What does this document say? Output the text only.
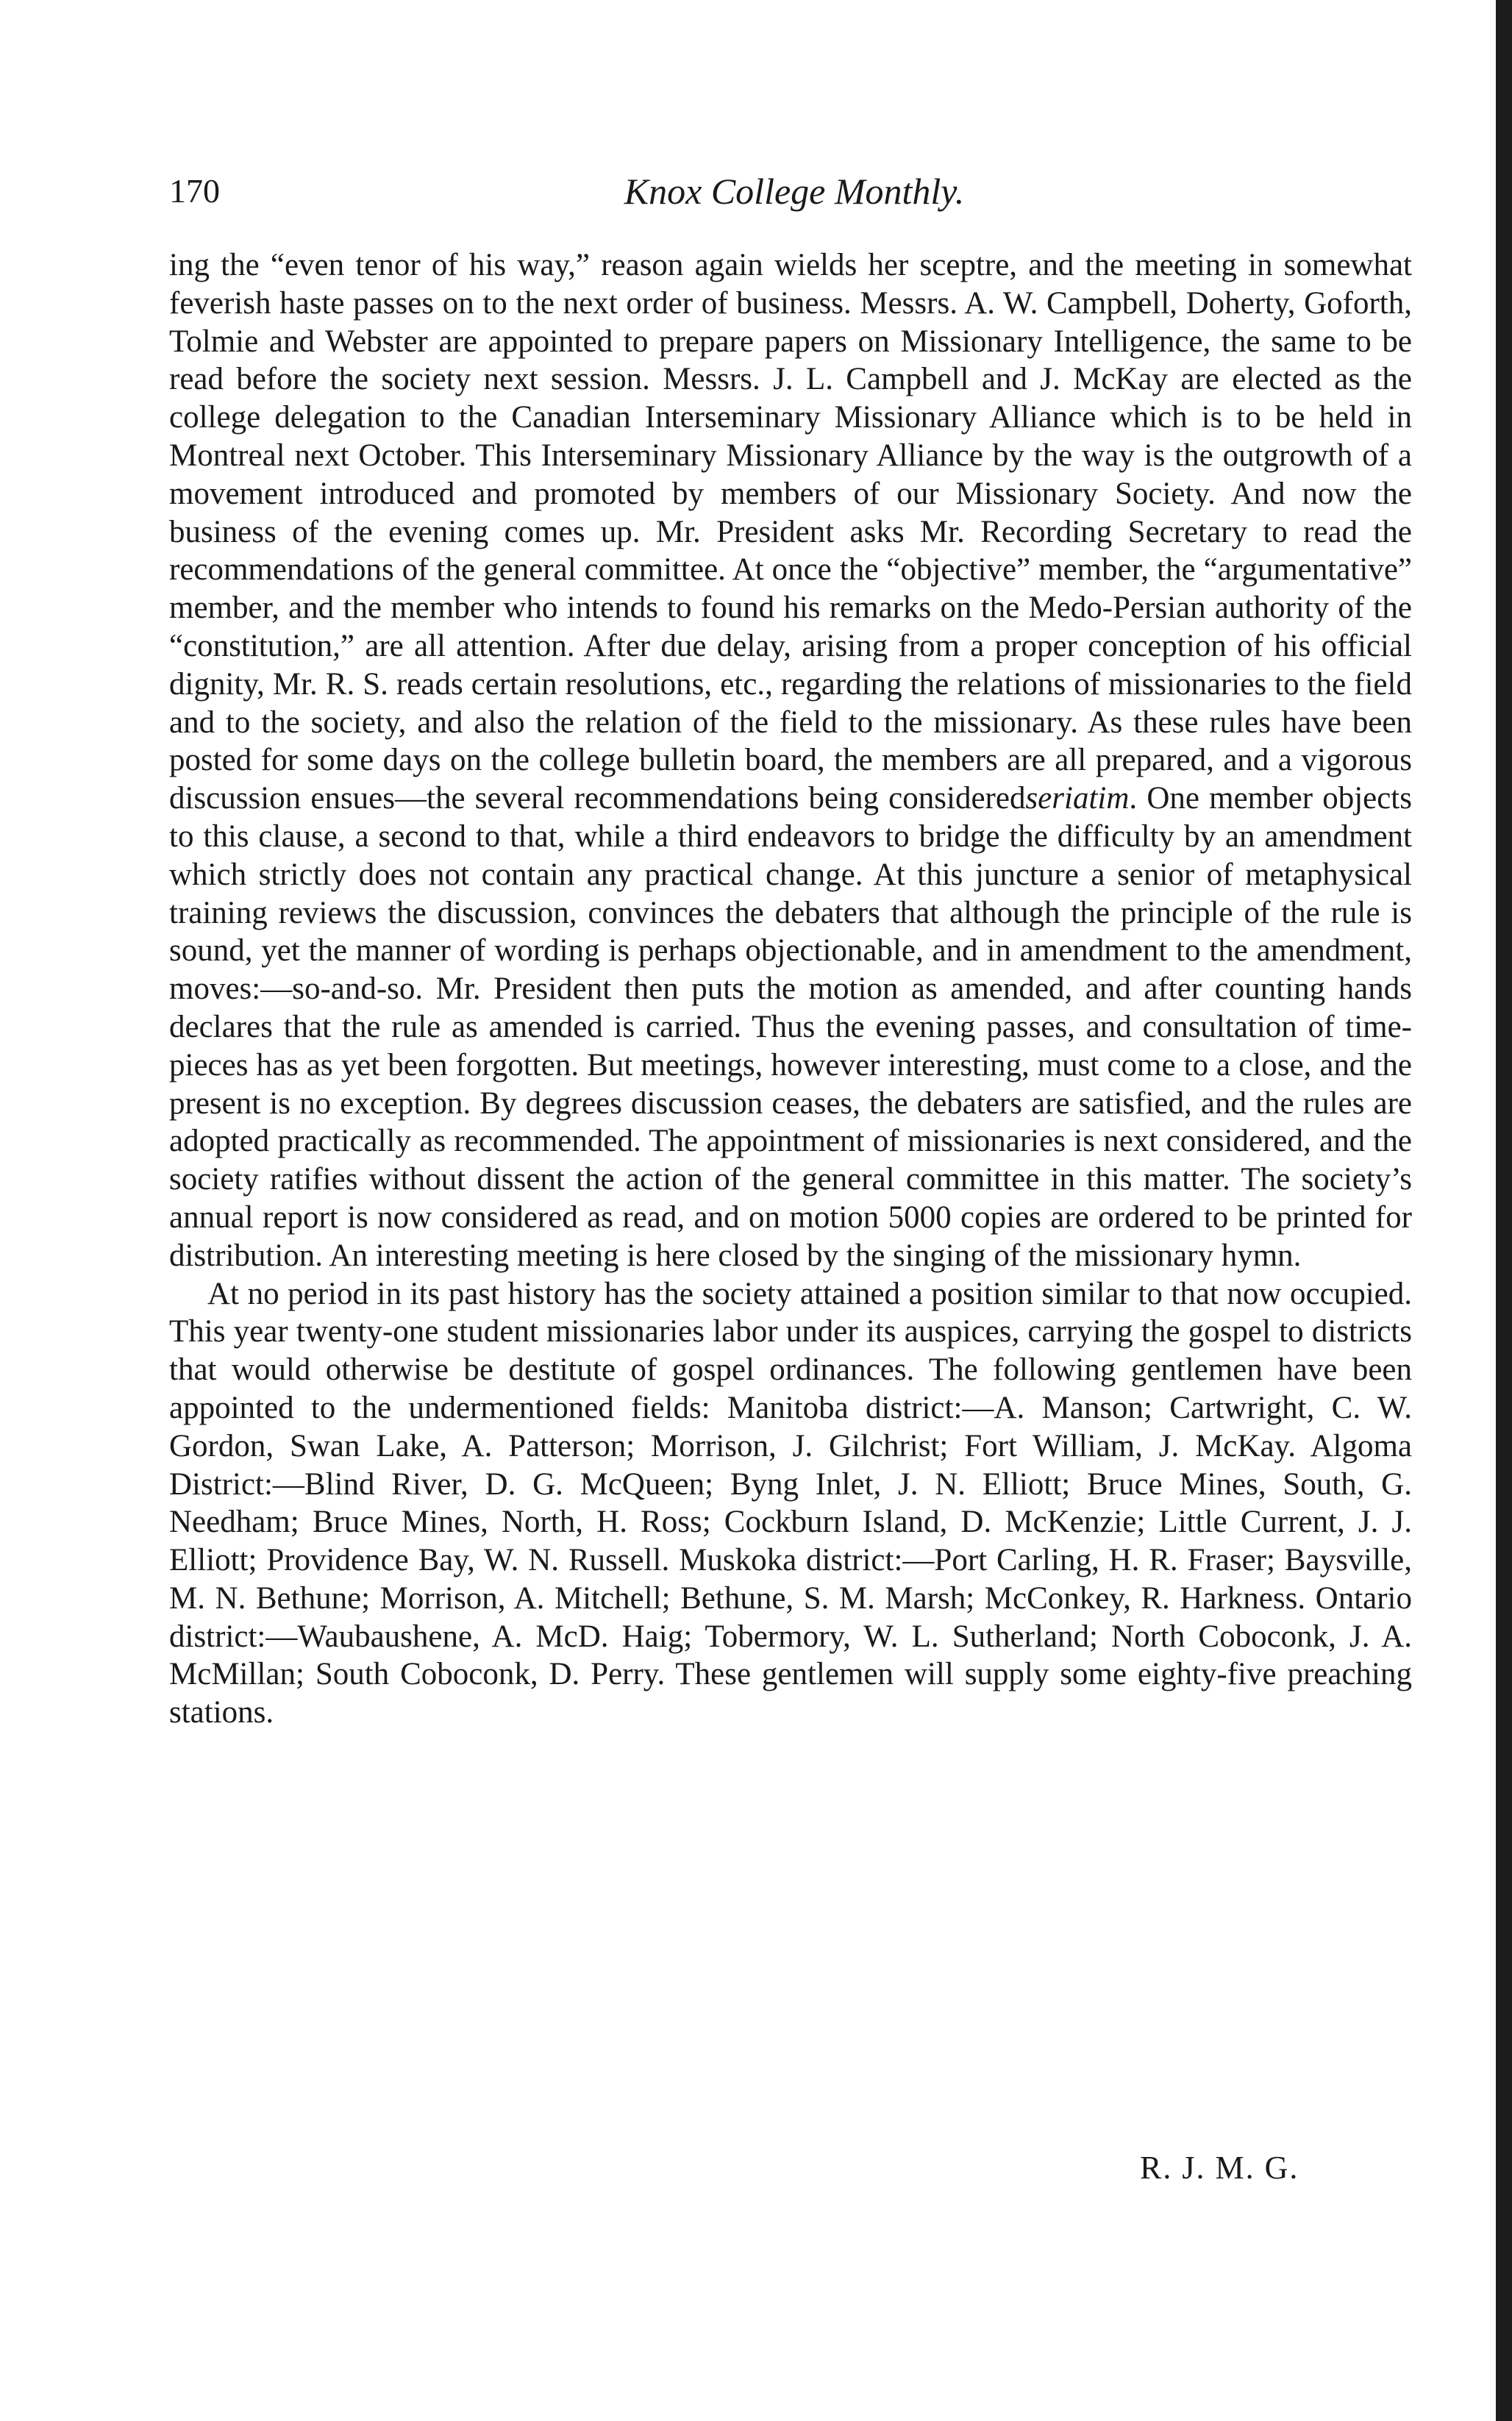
170	Knox College Monthly.

ing the “even tenor of his way,” reason again wields her sceptre, and the meeting in somewhat feverish haste passes on to the next order of business. Messrs. A. W. Campbell, Doherty, Goforth, Tolmie and Webster are appointed to prepare papers on Missionary Intelligence, the same to be read before the society next session. Messrs. J. L. Campbell and J. McKay are elected as the college delegation to the Canadian Interseminary Missionary Alliance which is to be held in Montreal next October. This Interseminary Missionary Alliance by the way is the outgrowth of a movement introduced and promoted by members of our Missionary Society. And now the business of the evening comes up. Mr. President asks Mr. Recording Secretary to read the recommendations of the general committee. At once the “objective” member, the “argumentative” member, and the member who intends to found his remarks on the Medo-Persian authority of the “constitution,” are all attention. After due delay, arising from a proper conception of his official dignity, Mr. R. S. reads certain resolutions, etc., regarding the relations of missionaries to the field and to the society, and also the relation of the field to the missionary. As these rules have been posted for some days on the college bulletin board, the members are all prepared, and a vigorous discussion ensues—the several recommendations being consideredseriatim. One member objects to this clause, a second to that, while a third endeavors to bridge the difficulty by an amendment which strictly does not contain any practical change. At this juncture a senior of metaphysical training reviews the discussion, convinces the debaters that although the principle of the rule is sound, yet the manner of wording is perhaps objectionable, and in amendment to the amendment, moves:—so-and-so. Mr. President then puts the motion as amended, and after counting hands declares that the rule as amended is carried. Thus the evening passes, and consultation of time-pieces has as yet been forgotten. But meetings, however interesting, must come to a close, and the present is no exception. By degrees discussion ceases, the debaters are satisfied, and the rules are adopted practically as recommended. The appointment of missionaries is next considered, and the society ratifies without dissent the action of the general committee in this matter. The society’s annual report is now considered as read, and on motion 5000 copies are ordered to be printed for distribution. An interesting meeting is here closed by the singing of the missionary hymn.

At no period in its past history has the society attained a position similar to that now occupied. This year twenty-one student missionaries labor under its auspices, carrying the gospel to districts that would otherwise be destitute of gospel ordinances. The following gentlemen have been appointed to the undermentioned fields: Manitoba district:—A. Manson; Cartwright, C. W. Gordon, Swan Lake, A. Patterson; Morrison, J. Gilchrist; Fort William, J. McKay. Algoma District:—Blind River, D. G. McQueen; Byng Inlet, J. N. Elliott; Bruce Mines, South, G. Needham; Bruce Mines, North, H. Ross; Cockburn Island, D. McKenzie; Little Current, J. J. Elliott; Providence Bay, W. N. Russell. Muskoka district:—Port Carling, H. R. Fraser; Baysville, M. N. Bethune; Morrison, A. Mitchell; Bethune, S. M. Marsh; McConkey, R. Harkness. Ontario district:—Waubaushene, A. McD. Haig; Tobermory, W. L. Sutherland; North Coboconk, J. A. McMillan; South Coboconk, D. Perry. These gentlemen will supply some eighty-five preaching stations.

R. J. M. G.
